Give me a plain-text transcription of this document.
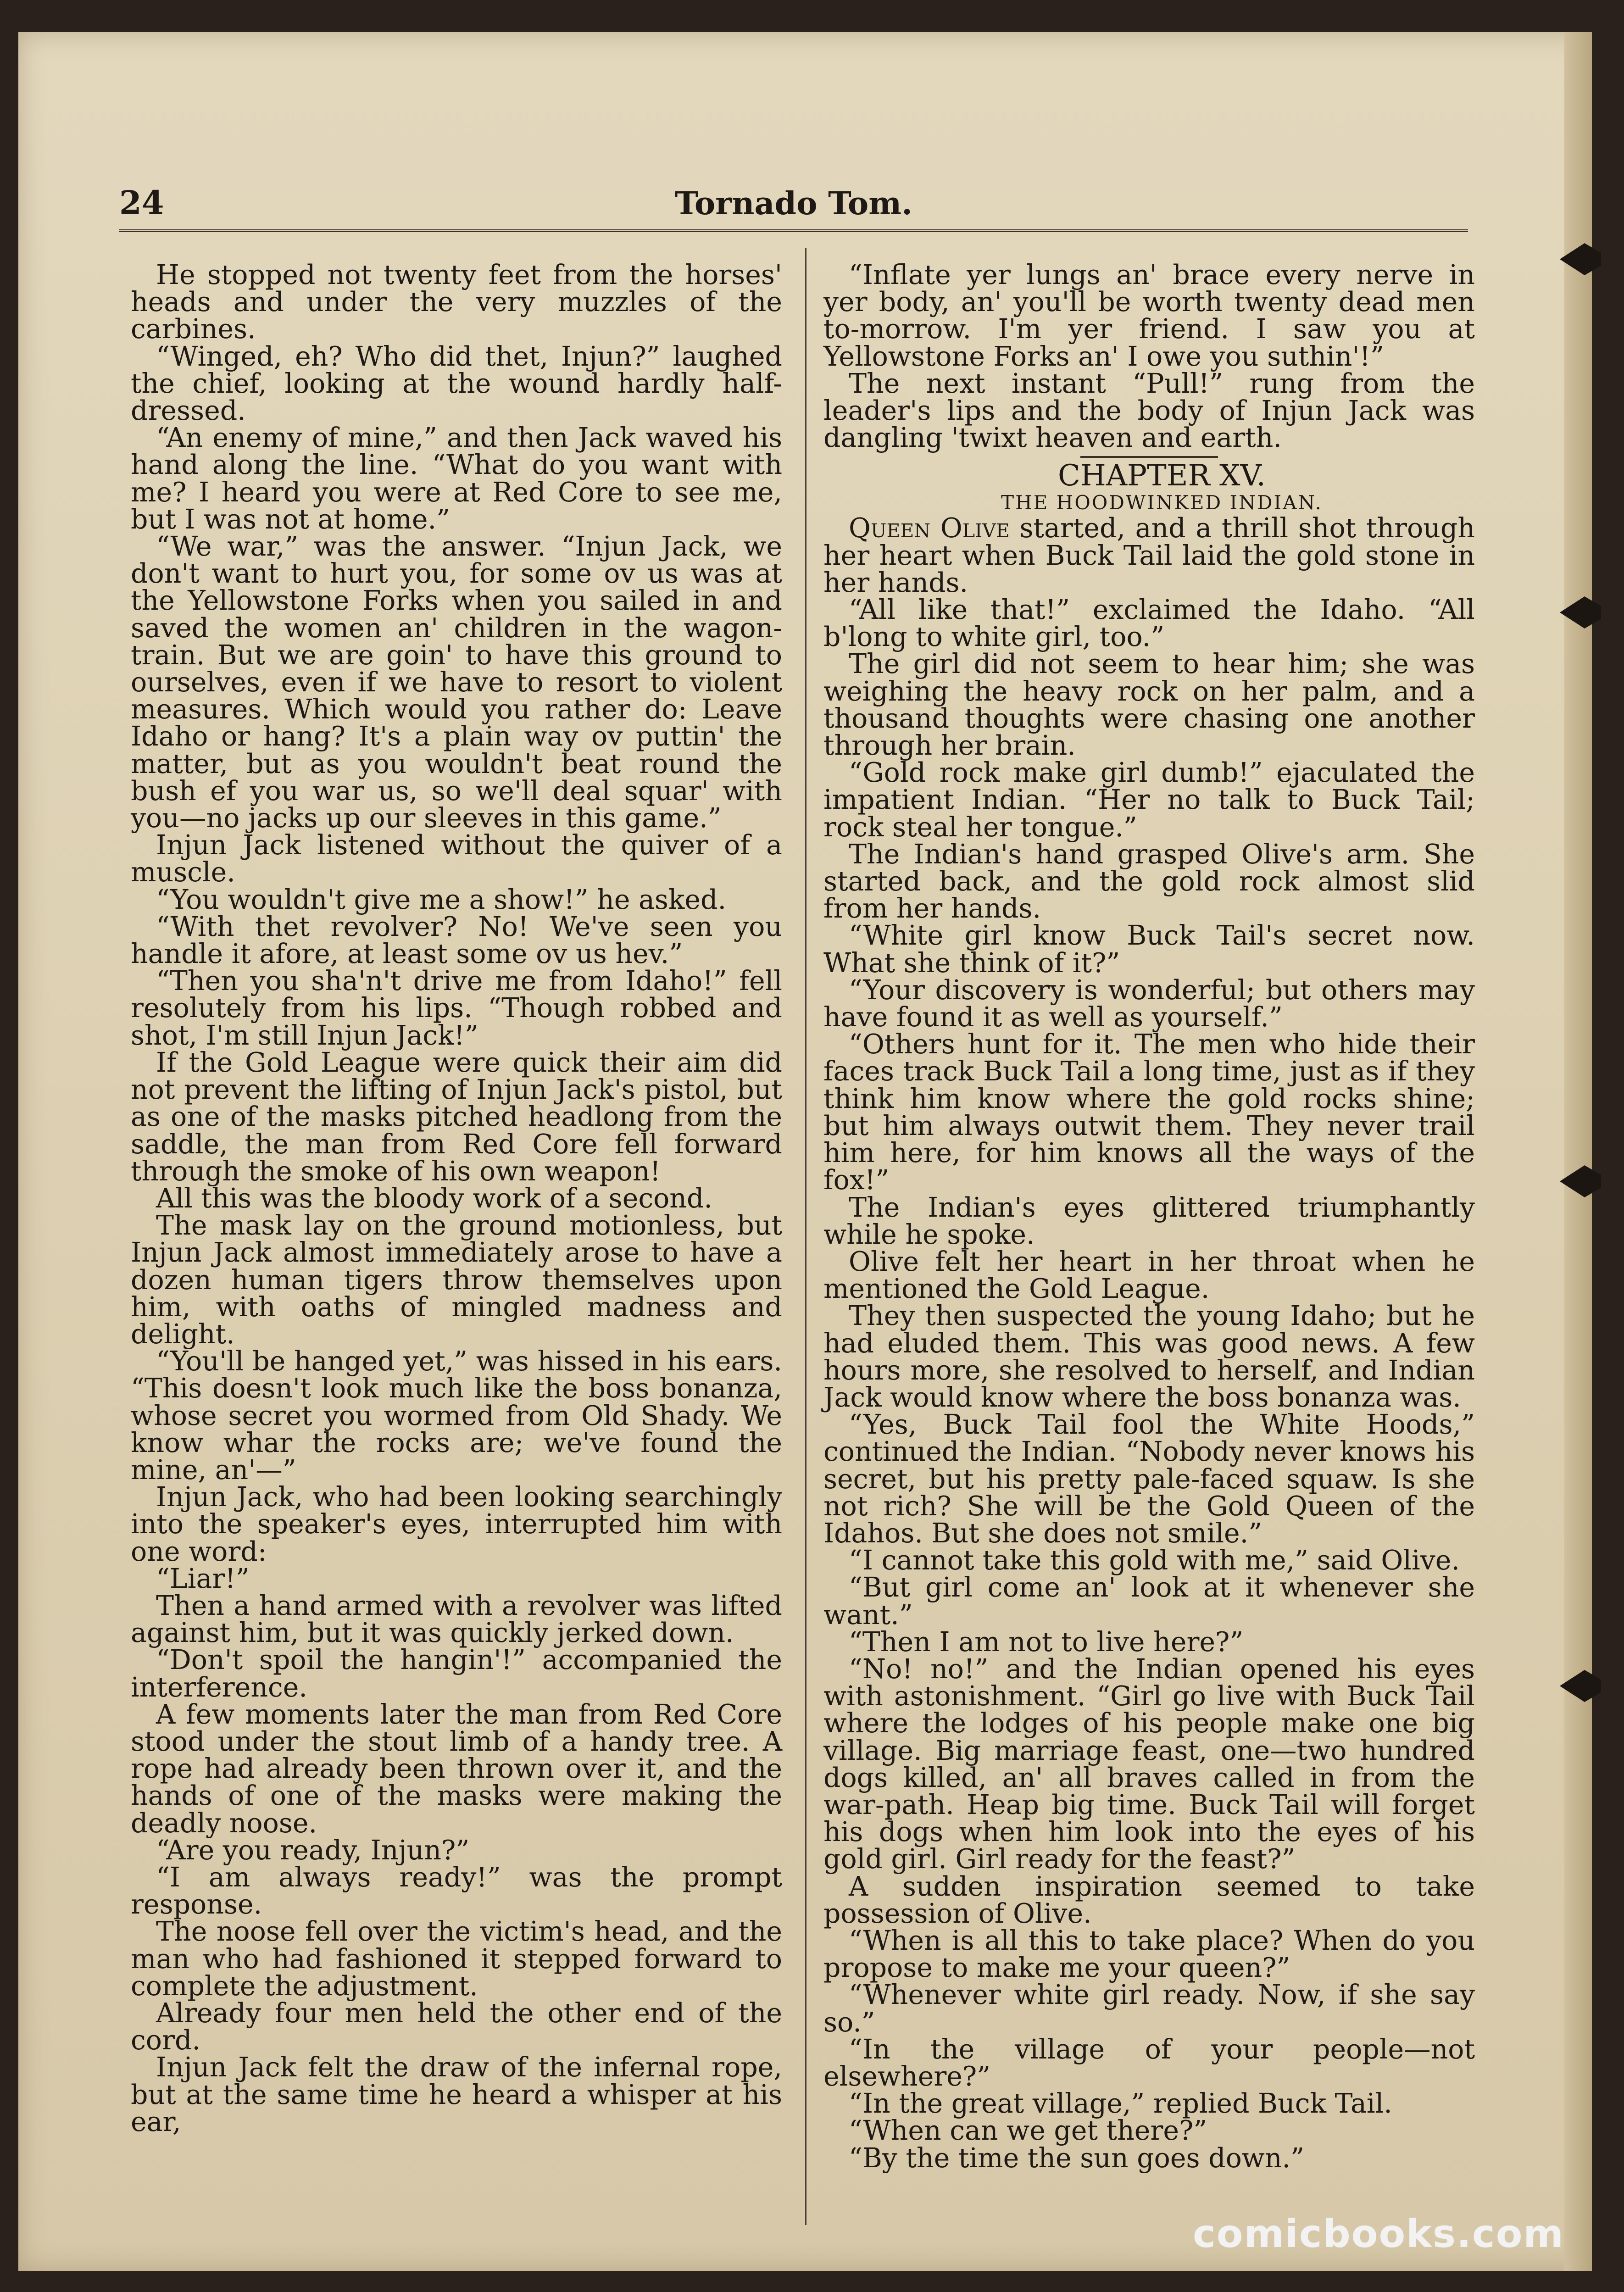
24	Tornado Tom.

He stopped not twenty feet from the horses' heads and under the very muzzles of the carbines.

“Winged, eh? Who did thet, Injun?” laughed the chief, looking at the wound hardly half-dressed.

“An enemy of mine,” and then Jack waved his hand along the line. “What do you want with me? I heard you were at Red Core to see me, but I was not at home.”

“We war,” was the answer. “Injun Jack, we don't want to hurt you, for some ov us was at the Yellowstone Forks when you sailed in and saved the women an' children in the wagon-train. But we are goin' to have this ground to ourselves, even if we have to resort to violent measures. Which would you rather do: Leave Idaho or hang? It's a plain way ov puttin' the matter, but as you wouldn't beat round the bush ef you war us, so we'll deal squar' with you—no jacks up our sleeves in this game.”

Injun Jack listened without the quiver of a muscle.

“You wouldn't give me a show!” he asked.

“With thet revolver? No! We've seen you handle it afore, at least some ov us hev.”

“Then you sha'n't drive me from Idaho!” fell resolutely from his lips. “Though robbed and shot, I'm still Injun Jack!”

If the Gold League were quick their aim did not prevent the lifting of Injun Jack's pistol, but as one of the masks pitched headlong from the saddle, the man from Red Core fell forward through the smoke of his own weapon!

All this was the bloody work of a second.

The mask lay on the ground motionless, but Injun Jack almost immediately arose to have a dozen human tigers throw themselves upon him, with oaths of mingled madness and delight.

“You'll be hanged yet,” was hissed in his ears. “This doesn't look much like the boss bonanza, whose secret you wormed from Old Shady. We know whar the rocks are; we've found the mine, an'—”

Injun Jack, who had been looking searchingly into the speaker's eyes, interrupted him with one word:

“Liar!”

Then a hand armed with a revolver was lifted against him, but it was quickly jerked down.

“Don't spoil the hangin'!” accompanied the interference.

A few moments later the man from Red Core stood under the stout limb of a handy tree. A rope had already been thrown over it, and the hands of one of the masks were making the deadly noose.

“Are you ready, Injun?”

“I am always ready!” was the prompt response.

The noose fell over the victim's head, and the man who had fashioned it stepped forward to complete the adjustment.

Already four men held the other end of the cord.

Injun Jack felt the draw of the infernal rope, but at the same time he heard a whisper at his ear,

“Inflate yer lungs an' brace every nerve in yer body, an' you'll be worth twenty dead men to-morrow. I'm yer friend. I saw you at Yellowstone Forks an' I owe you suthin'!”

The next instant “Pull!” rung from the leader's lips and the body of Injun Jack was dangling 'twixt heaven and earth.

CHAPTER XV.

THE HOODWINKED INDIAN.

Queen Olive started, and a thrill shot through her heart when Buck Tail laid the gold stone in her hands.

“All like that!” exclaimed the Idaho. “All b'long to white girl, too.”

The girl did not seem to hear him; she was weighing the heavy rock on her palm, and a thousand thoughts were chasing one another through her brain.

“Gold rock make girl dumb!” ejaculated the impatient Indian. “Her no talk to Buck Tail; rock steal her tongue.”

The Indian's hand grasped Olive's arm. She started back, and the gold rock almost slid from her hands.

“White girl know Buck Tail's secret now. What she think of it?”

“Your discovery is wonderful; but others may have found it as well as yourself.”

“Others hunt for it. The men who hide their faces track Buck Tail a long time, just as if they think him know where the gold rocks shine; but him always outwit them. They never trail him here, for him knows all the ways of the fox!”

The Indian's eyes glittered triumphantly while he spoke.

Olive felt her heart in her throat when he mentioned the Gold League.

They then suspected the young Idaho; but he had eluded them. This was good news. A few hours more, she resolved to herself, and Indian Jack would know where the boss bonanza was.

“Yes, Buck Tail fool the White Hoods,” continued the Indian. “Nobody never knows his secret, but his pretty pale-faced squaw. Is she not rich? She will be the Gold Queen of the Idahos. But she does not smile.”

“I cannot take this gold with me,” said Olive.

“But girl come an' look at it whenever she want.”

“Then I am not to live here?”

“No! no!” and the Indian opened his eyes with astonishment. “Girl go live with Buck Tail where the lodges of his people make one big village. Big marriage feast, one—two hundred dogs killed, an' all braves called in from the war-path. Heap big time. Buck Tail will forget his dogs when him look into the eyes of his gold girl. Girl ready for the feast?”

A sudden inspiration seemed to take possession of Olive.

“When is all this to take place? When do you propose to make me your queen?”

“Whenever white girl ready. Now, if she say so.”

“In the village of your people—not elsewhere?”

“In the great village,” replied Buck Tail.

“When can we get there?”

“By the time the sun goes down.”

comicbooks.com
